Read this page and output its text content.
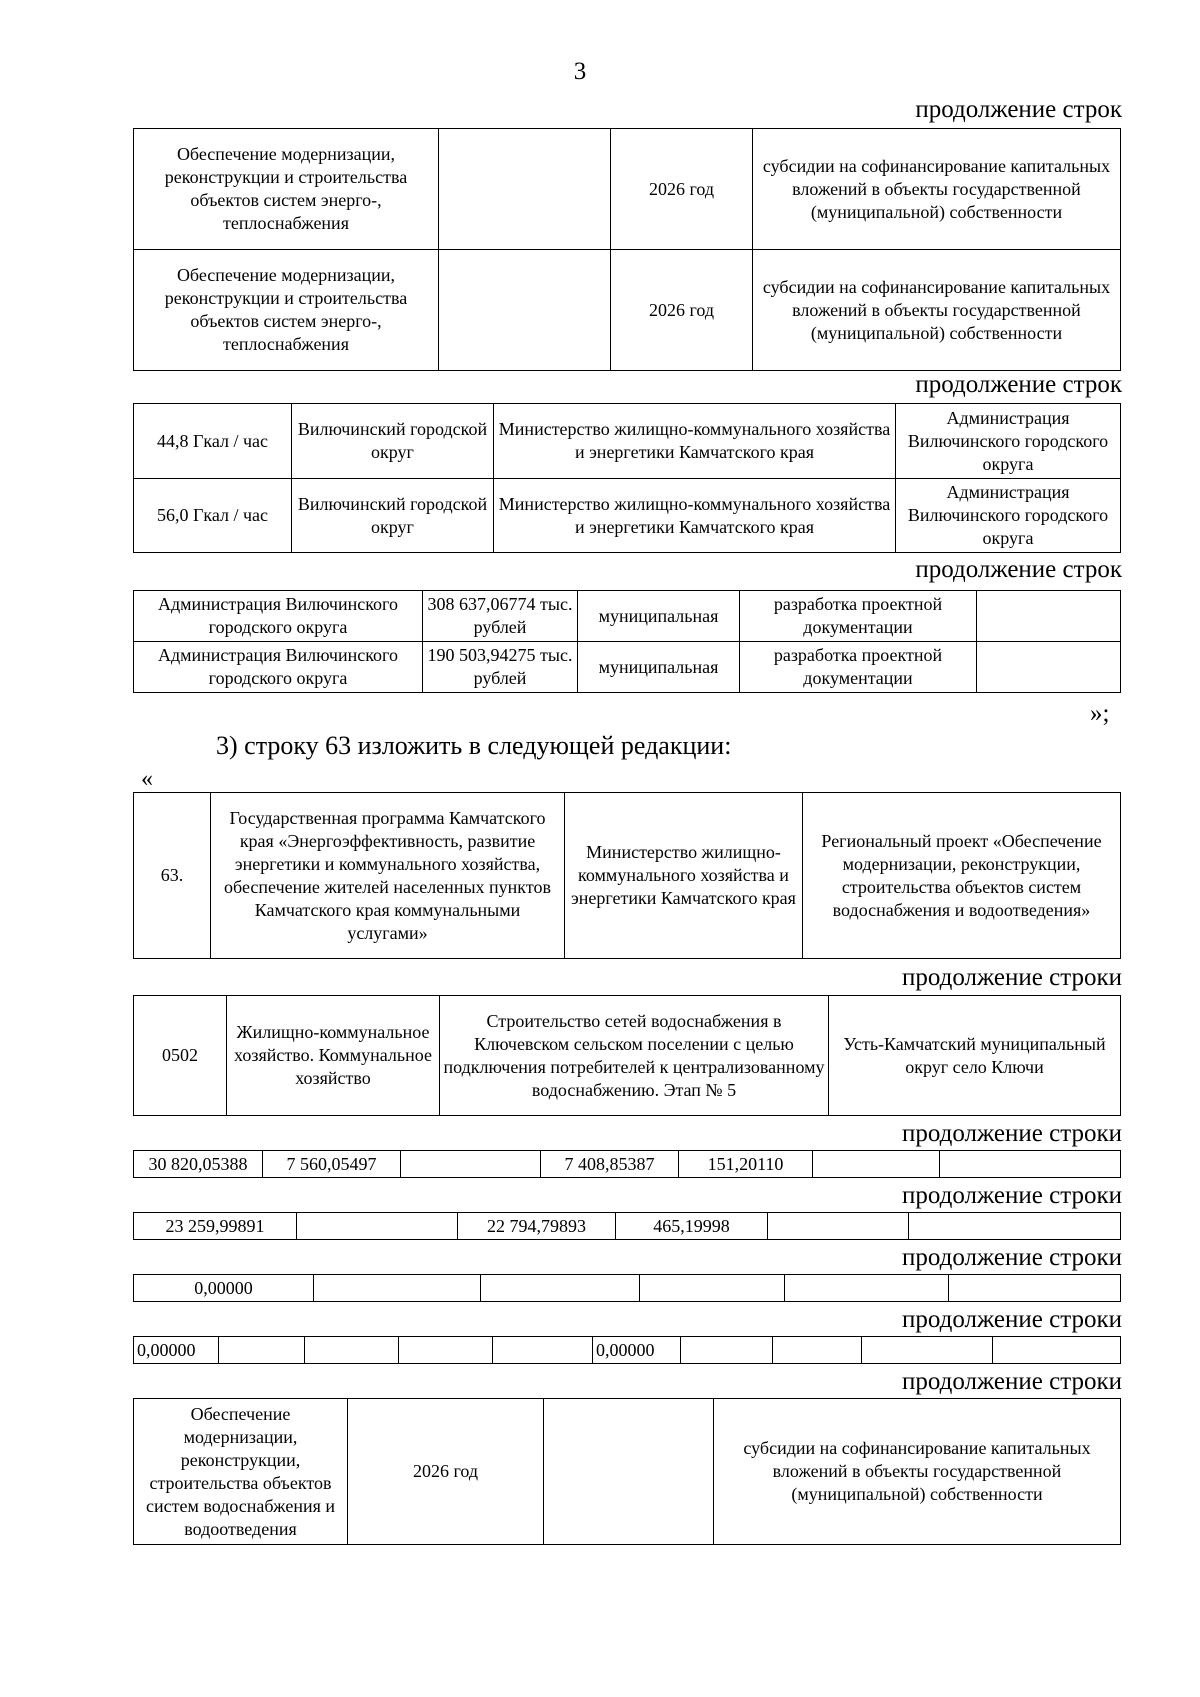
3
продолжение строк
Обеспечение модернизации, реконструкции и строительства объектов систем энерго-, теплоснабжения		2026 год	субсидии на софинансирование капитальных вложений в объекты государственной (муниципальной) собственности
Обеспечение модернизации, реконструкции и строительства объектов систем энерго-, теплоснабжения		2026 год	субсидии на софинансирование капитальных вложений в объекты государственной (муниципальной) собственности
продолжение строк
44,8 Гкал / час	Вилючинский городской округ	Министерство жилищно-коммунального хозяйства и энергетики Камчатского края	Администрация Вилючинского городского округа
56,0 Гкал / час	Вилючинский городской округ	Министерство жилищно-коммунального хозяйства и энергетики Камчатского края	Администрация Вилючинского городского округа
продолжение строк
Администрация Вилючинского городского округа	308 637,06774 тыс. рублей	муниципальная	разработка проектной документации	
Администрация Вилючинского городского округа	190 503,94275 тыс. рублей	муниципальная	разработка проектной документации	
»;
3) строку 63 изложить в следующей редакции:
«
63.	Государственная программа Камчатского края «Энергоэффективность, развитие энергетики и коммунального хозяйства, обеспечение жителей населенных пунктов Камчатского края коммунальными услугами»	Министерство жилищно-коммунального хозяйства и энергетики Камчатского края	Региональный проект «Обеспечение модернизации, реконструкции, строительства объектов систем водоснабжения и водоотведения»
продолжение строки
0502	Жилищно-коммунальное хозяйство. Коммунальное хозяйство	Строительство сетей водоснабжения в Ключевском сельском поселении с целью подключения потребителей к централизованному водоснабжению. Этап № 5	Усть-Камчатский муниципальный округ село Ключи
продолжение строки
30 820,05388	7 560,05497		7 408,85387	151,20110		
продолжение строки
23 259,99891		22 794,79893	465,19998		
продолжение строки
0,00000					
продолжение строки
0,00000					0,00000				
продолжение строки
Обеспечение модернизации, реконструкции, строительства объектов систем водоснабжения и водоотведения	2026 год		субсидии на софинансирование капитальных вложений в объекты государственной (муниципальной) собственности
